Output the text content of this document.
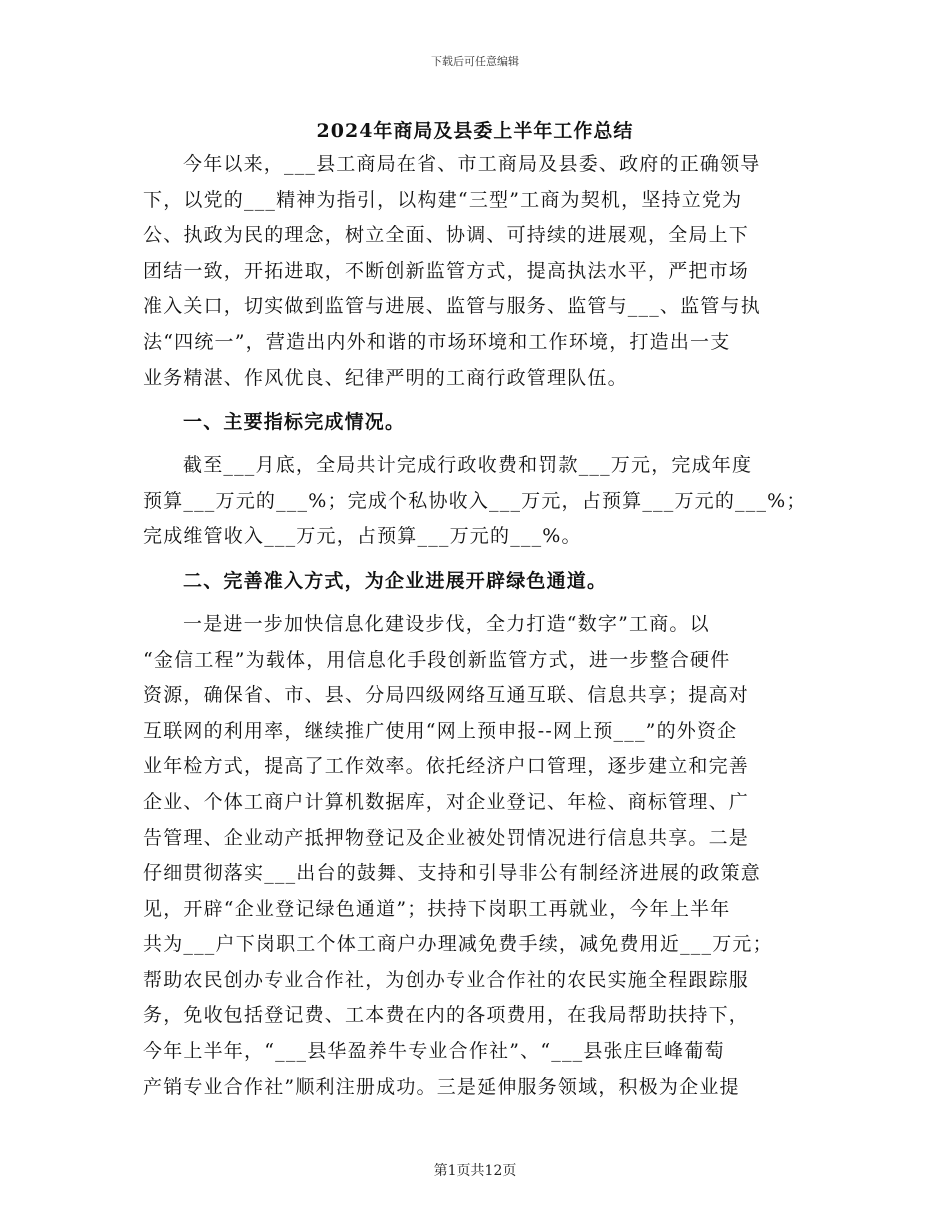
下载后可任意编辑
2024年商局及县委上半年工作总结
今年以来，___县工商局在省、市工商局及县委、政府的正确领导
下，以党的___精神为指引，以构建“三型”工商为契机，坚持立党为
公、执政为民的理念，树立全面、协调、可持续的进展观，全局上下
团结一致，开拓进取，不断创新监管方式，提高执法水平，严把市场
准入关口，切实做到监管与进展、监管与服务、监管与___、监管与执
法“四统一”，营造出内外和谐的市场环境和工作环境，打造出一支
业务精湛、作风优良、纪律严明的工商行政管理队伍。
一、主要指标完成情况。
截至___月底，全局共计完成行政收费和罚款___万元，完成年度
预算___万元的___%；完成个私协收入___万元，占预算___万元的___%；
完成维管收入___万元，占预算___万元的___%。
二、完善准入方式，为企业进展开辟绿色通道。
一是进一步加快信息化建设步伐，全力打造“数字”工商。以
“金信工程”为载体，用信息化手段创新监管方式，进一步整合硬件
资源，确保省、市、县、分局四级网络互通互联、信息共享；提高对
互联网的利用率，继续推广使用“网上预申报--网上预___”的外资企
业年检方式，提高了工作效率。依托经济户口管理，逐步建立和完善
企业、个体工商户计算机数据库，对企业登记、年检、商标管理、广
告管理、企业动产抵押物登记及企业被处罚情况进行信息共享。二是
仔细贯彻落实___出台的鼓舞、支持和引导非公有制经济进展的政策意
见，开辟“企业登记绿色通道”；扶持下岗职工再就业，今年上半年
共为___户下岗职工个体工商户办理减免费手续，减免费用近___万元；
帮助农民创办专业合作社，为创办专业合作社的农民实施全程跟踪服
务，免收包括登记费、工本费在内的各项费用，在我局帮助扶持下，
今年上半年，“___县华盈养牛专业合作社”、“___县张庄巨峰葡萄
产销专业合作社”顺利注册成功。三是延伸服务领域，积极为企业提
第1页共12页
